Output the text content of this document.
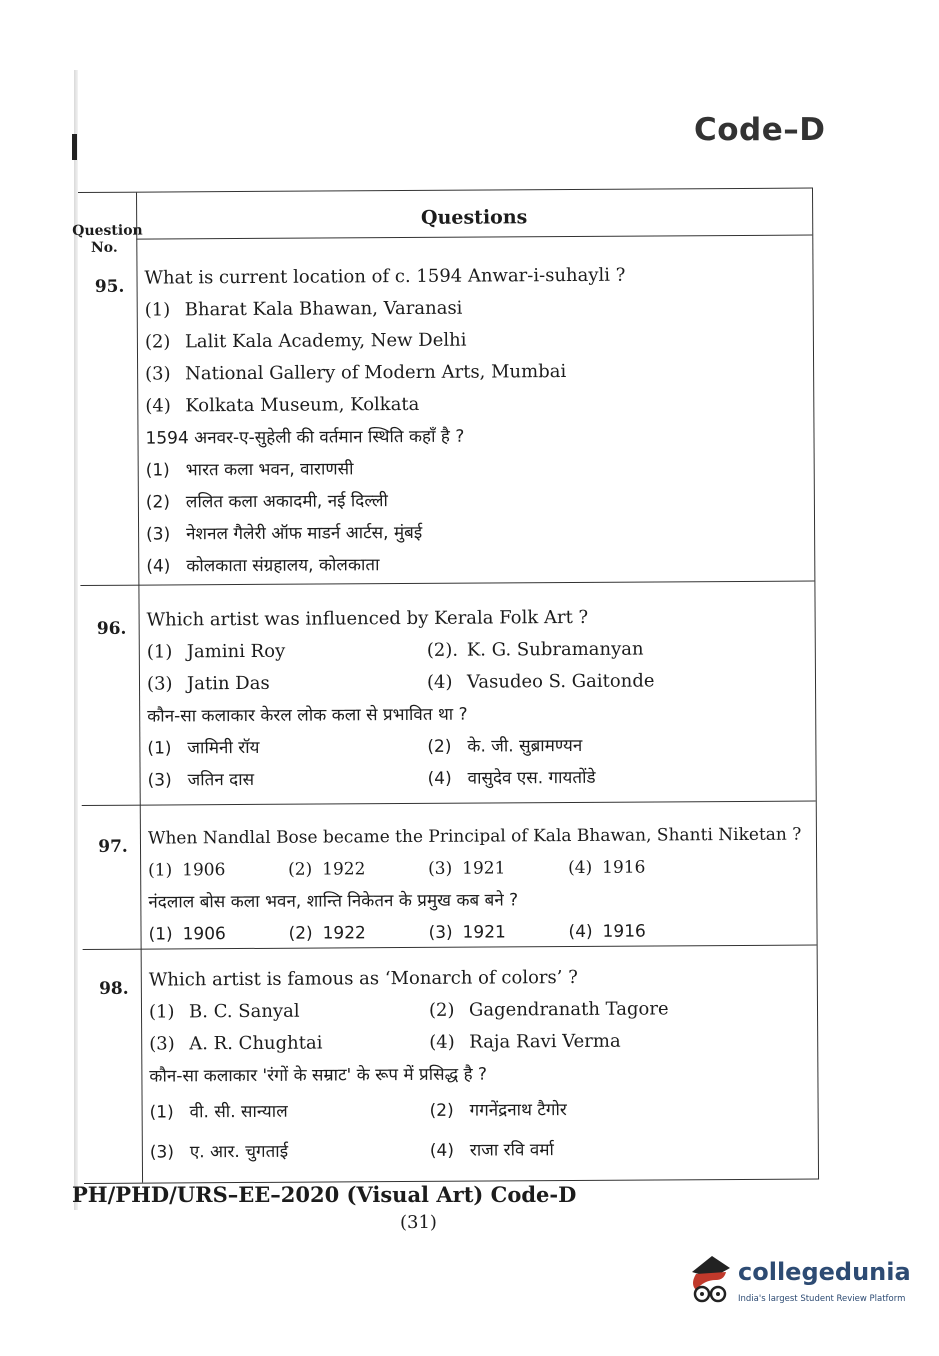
Code–D
Question No.
Questions
95.	What is current location of c. 1594 Anwar-i-suhayli ?
(1) Bharat Kala Bhawan, Varanasi
(2) Lalit Kala Academy, New Delhi
(3) National Gallery of Modern Arts, Mumbai
(4) Kolkata Museum, Kolkata
1594 अनवर-ए-सुहेली की वर्तमान स्थिति कहाँ है ?
(1) भारत कला भवन, वाराणसी
(2) ललित कला अकादमी, नई दिल्ली
(3) नेशनल गैलेरी ऑफ माडर्न आर्टस, मुंबई
(4) कोलकाता संग्रहालय, कोलकाता
96.	Which artist was influenced by Kerala Folk Art ?
(1) Jamini Roy	(2). K. G. Subramanyan
(3) Jatin Das	(4) Vasudeo S. Gaitonde
कौन-सा कलाकार केरल लोक कला से प्रभावित था ?
(1) जामिनी रॉय	(2) के. जी. सुब्रामण्यन
(3) जतिन दास	(4) वासुदेव एस. गायतोंडे
97.	When Nandlal Bose became the Principal of Kala Bhawan, Shanti Niketan ?
(1) 1906	(2) 1922	(3) 1921	(4) 1916
नंदलाल बोस कला भवन, शान्ति निकेतन के प्रमुख कब बने ?
(1) 1906	(2) 1922	(3) 1921	(4) 1916
98.	Which artist is famous as ‘Monarch of colors’ ?
(1) B. C. Sanyal	(2) Gagendranath Tagore
(3) A. R. Chughtai	(4) Raja Ravi Verma
कौन-सा कलाकार 'रंगों के सम्राट' के रूप में प्रसिद्ध है ?
(1) वी. सी. सान्याल	(2) गगनेंद्रनाथ टैगोर
(3) ए. आर. चुगताई	(4) राजा रवि वर्मा
PH/PHD/URS–EE–2020 (Visual Art) Code-D
(31)
collegedunia
India's largest Student Review Platform
